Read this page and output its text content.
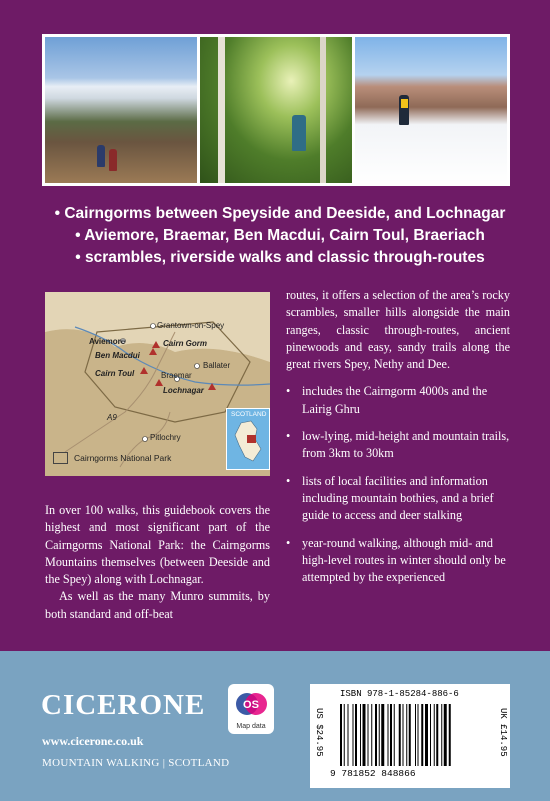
• Cairngorms between Speyside and Deeside, and Lochnagar
• Aviemore, Braemar, Ben Macdui, Cairn Toul, Braeriach
• scrambles, riverside walks and classic through-routes
Grantown-on-Spey
Aviemore
Ben Macdui
Cairn Gorm
Ballater
Cairn Toul	Braemar
Lochnagar
A9
Pitlochry
Cairngorms National Park
SCOTLAND

In over 100 walks, this guidebook covers the highest and most significant part of the Cairngorms National Park: the Cairngorms Mountains themselves (between Deeside and the Spey) along with Lochnagar.

As well as the many Munro summits, by both standard and off-beat

routes, it offers a selection of the area’s rocky scrambles, smaller hills alongside the main ranges, classic through-routes, ancient pinewoods and easy, sandy trails along the great rivers Spey, Nethy and Dee.

• includes the Cairngorm 4000s and the Lairig Ghru
• low-lying, mid-height and mountain trails, from 3km to 30km
• lists of local facilities and information including mountain bothies, and a brief guide to access and deer stalking
• year-round walking, although mid- and high-level routes in winter should only be attempted by the experienced
CICERONE
www.cicerone.co.uk
MOUNTAIN WALKING | SCOTLAND
OS
Map data	US $24.95
ISBN 978-1-85284-886-6
9 781852 848866
UK £14.95
